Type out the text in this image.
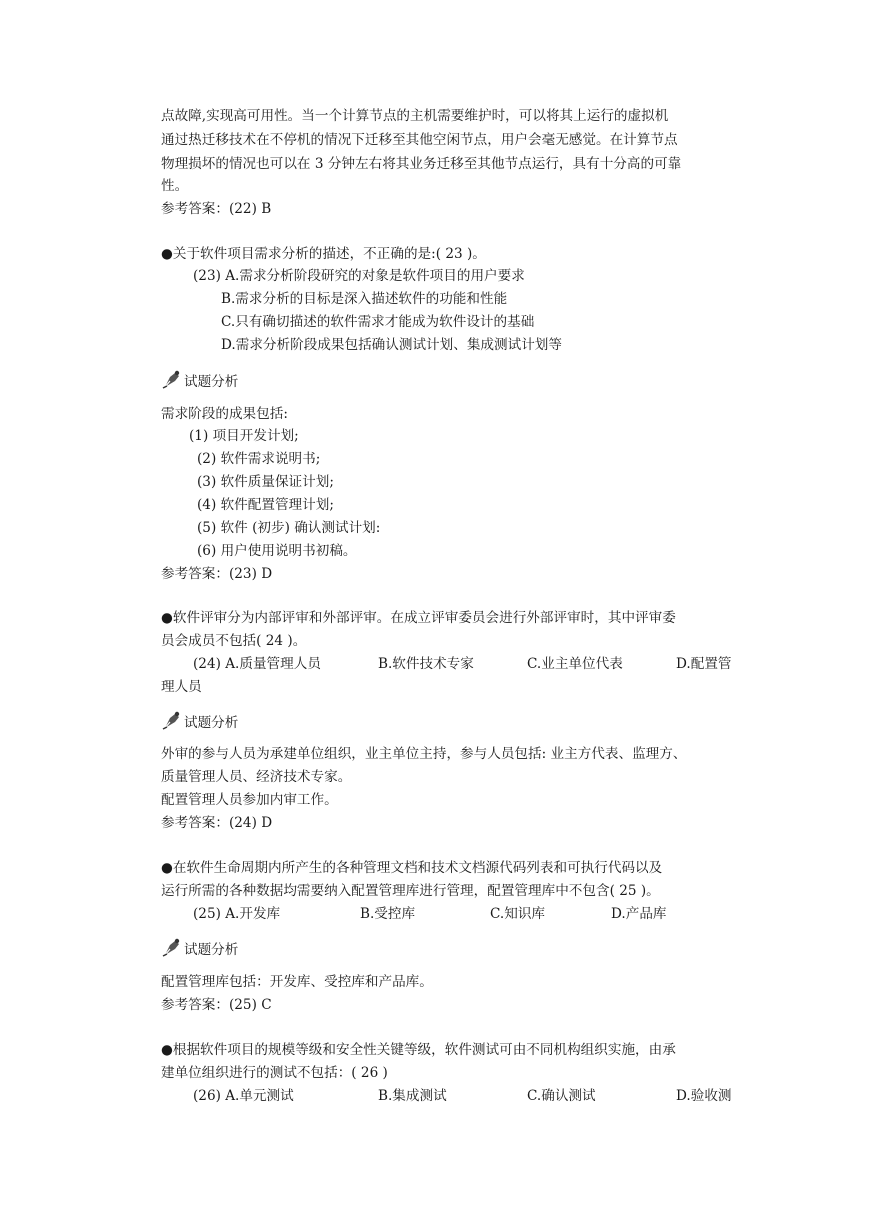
点故障,实现高可用性。当一个计算节点的主机需要维护时，可以将其上运行的虚拟机
通过热迁移技术在不停机的情况下迁移至其他空闲节点，用户会毫无感觉。在计算节点
物理损坏的情况也可以在 3 分钟左右将其业务迁移至其他节点运行，具有十分高的可靠
性。
参考答案：(22) B
●关于软件项目需求分析的描述，不正确的是:( 23 )。
(23) A.需求分析阶段研究的对象是软件项目的用户要求
B.需求分析的目标是深入描述软件的功能和性能
C.只有确切描述的软件需求才能成为软件设计的基础
D.需求分析阶段成果包括确认测试计划、集成测试计划等
试题分析
需求阶段的成果包括:
(1) 项目开发计划;
(2) 软件需求说明书;
(3) 软件质量保证计划;
(4) 软件配置管理计划;
(5) 软件 (初步) 确认测试计划:
(6) 用户使用说明书初稿。
参考答案：(23) D
●软件评审分为内部评审和外部评审。在成立评审委员会进行外部评审时，其中评审委
员会成员不包括( 24 )。
(24) A.质量管理人员	B.软件技术专家	C.业主单位代表	D.配置管
理人员
试题分析
外审的参与人员为承建单位组织，业主单位主持，参与人员包括: 业主方代表、监理方、
质量管理人员、经济技术专家。
配置管理人员参加内审工作。
参考答案：(24) D
●在软件生命周期内所产生的各种管理文档和技术文档源代码列表和可执行代码以及
运行所需的各种数据均需要纳入配置管理库进行管理，配置管理库中不包含( 25 )。
(25) A.开发库	B.受控库	C.知识库	D.产品库
试题分析
配置管理库包括：开发库、受控库和产品库。
参考答案：(25) C
●根据软件项目的规模等级和安全性关键等级，软件测试可由不同机构组织实施，由承
建单位组织进行的测试不包括：( 26 )
(26) A.单元测试	B.集成测试	C.确认测试	D.验收测
